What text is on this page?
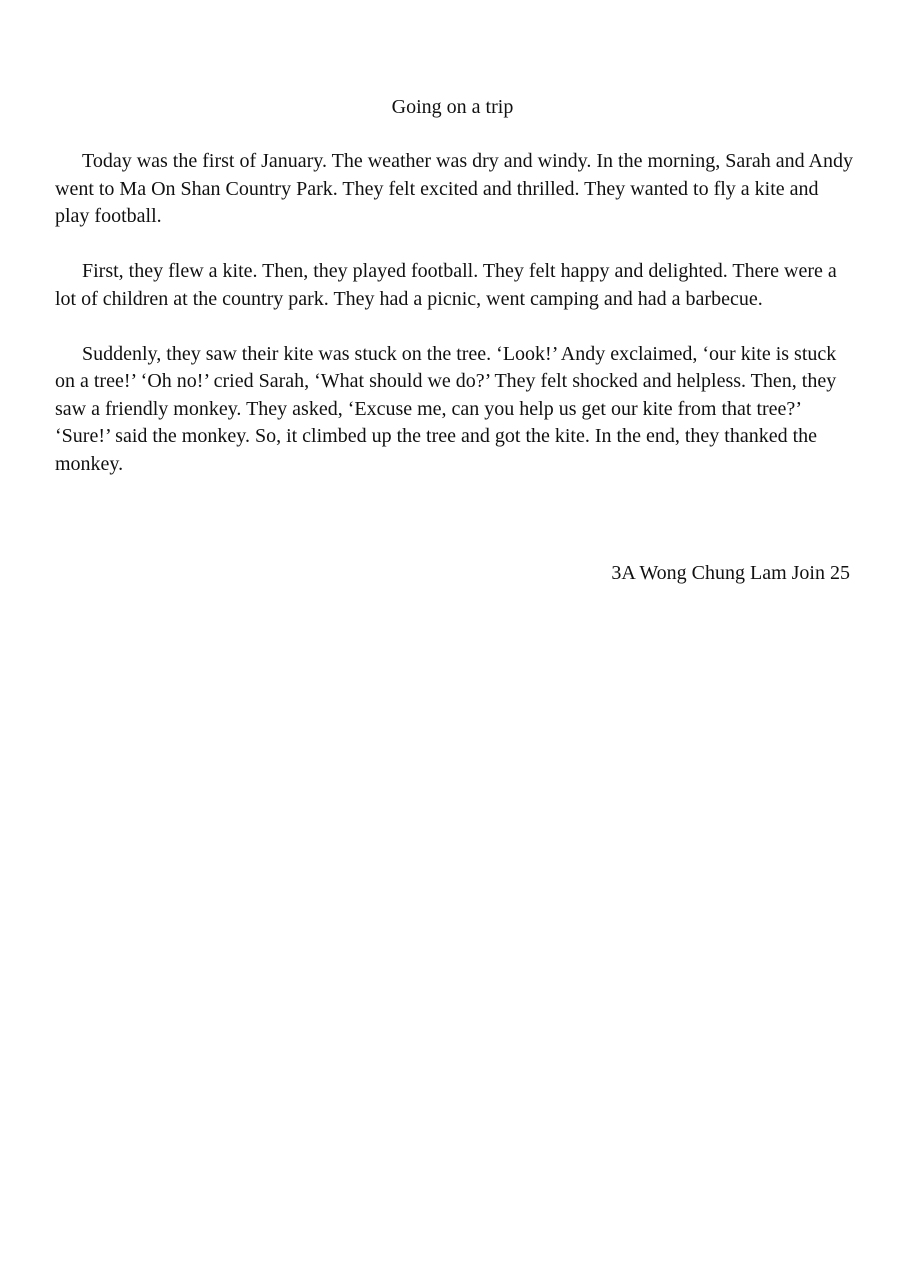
Going on a trip

Today was the first of January. The weather was dry and windy. In the morning, Sarah and Andy went to Ma On Shan Country Park. They felt excited and thrilled. They wanted to fly a kite and play football.

First, they flew a kite. Then, they played football. They felt happy and delighted. There were a lot of children at the country park. They had a picnic, went camping and had a barbecue.

Suddenly, they saw their kite was stuck on the tree. ‘Look!’ Andy exclaimed, ‘our kite is stuck on a tree!’ ‘Oh no!’ cried Sarah, ‘What should we do?’ They felt shocked and helpless. Then, they saw a friendly monkey. They asked, ‘Excuse me, can you help us get our kite from that tree?’ ‘Sure!’ said the monkey. So, it climbed up the tree and got the kite. In the end, they thanked the monkey.

3A Wong Chung Lam Join 25
